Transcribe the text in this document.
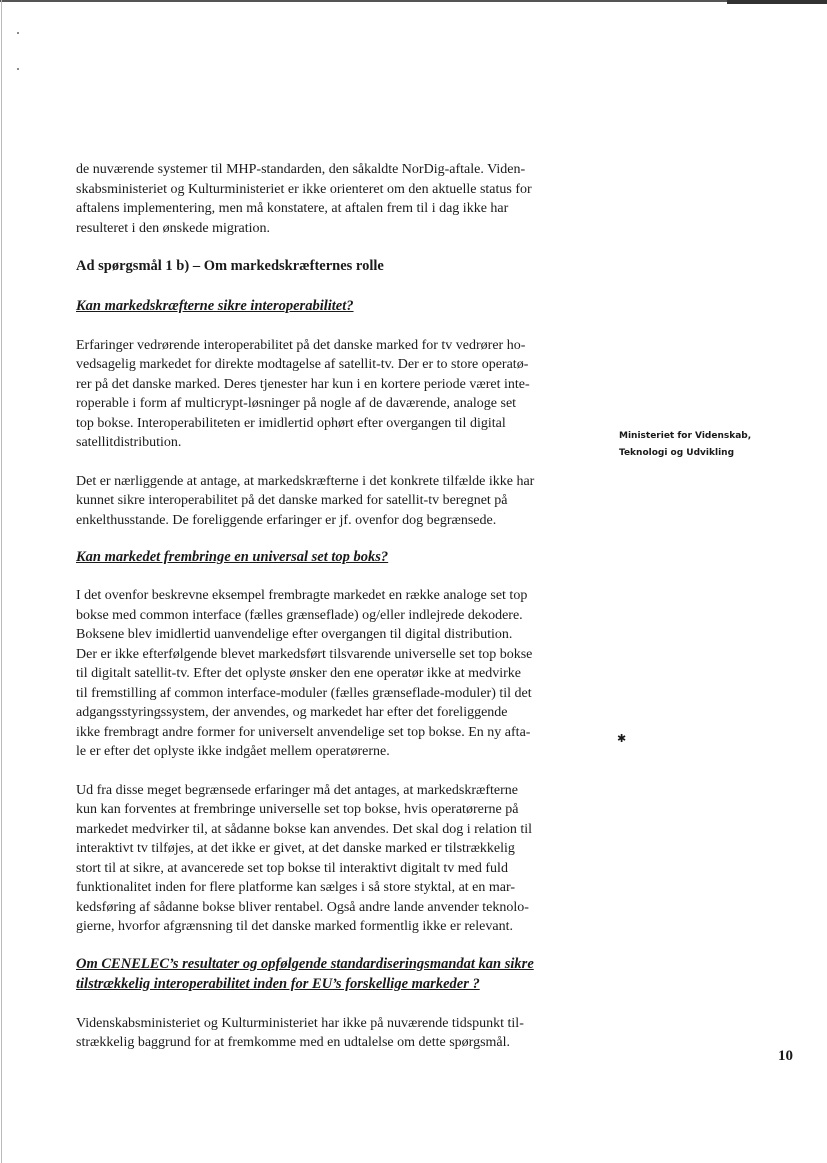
de nuværende systemer til MHP-standarden, den såkaldte NorDig-aftale. Viden-
skabsministeriet og Kulturministeriet er ikke orienteret om den aktuelle status for
aftalens implementering, men må konstatere, at aftalen frem til i dag ikke har
resulteret i den ønskede migration.

Ad spørgsmål 1 b) – Om markedskræfternes rolle

Kan markedskræfterne sikre interoperabilitet?

Erfaringer vedrørende interoperabilitet på det danske marked for tv vedrører ho-
vedsagelig markedet for direkte modtagelse af satellit-tv. Der er to store operatø-
rer på det danske marked. Deres tjenester har kun i en kortere periode været inte-
roperable i form af multicrypt-løsninger på nogle af de daværende, analoge set
top bokse. Interoperabiliteten er imidlertid ophørt efter overgangen til digital
satellitdistribution.

Det er nærliggende at antage, at markedskræfterne i det konkrete tilfælde ikke har
kunnet sikre interoperabilitet på det danske marked for satellit-tv beregnet på
enkelthusstande. De foreliggende erfaringer er jf. ovenfor dog begrænsede.

Kan markedet frembringe en universal set top boks?

I det ovenfor beskrevne eksempel frembragte markedet en række analoge set top
bokse med common interface (fælles grænseflade) og/eller indlejrede dekodere.
Boksene blev imidlertid uanvendelige efter overgangen til digital distribution.
Der er ikke efterfølgende blevet markedsført tilsvarende universelle set top bokse
til digitalt satellit-tv. Efter det oplyste ønsker den ene operatør ikke at medvirke
til fremstilling af common interface-moduler (fælles grænseflade-moduler) til det
adgangsstyringssystem, der anvendes, og markedet har efter det foreliggende
ikke frembragt andre former for universelt anvendelige set top bokse. En ny afta-
le er efter det oplyste ikke indgået mellem operatørerne.

Ud fra disse meget begrænsede erfaringer må det antages, at markedskræfterne
kun kan forventes at frembringe universelle set top bokse, hvis operatørerne på
markedet medvirker til, at sådanne bokse kan anvendes. Det skal dog i relation til
interaktivt tv tilføjes, at det ikke er givet, at det danske marked er tilstrækkelig
stort til at sikre, at avancerede set top bokse til interaktivt digitalt tv med fuld
funktionalitet inden for flere platforme kan sælges i så store styktal, at en mar-
kedsføring af sådanne bokse bliver rentabel. Også andre lande anvender teknolo-
gierne, hvorfor afgrænsning til det danske marked formentlig ikke er relevant.

Om CENELEC’s resultater og opfølgende standardiseringsmandat kan sikre
tilstrækkelig interoperabilitet inden for EU’s forskellige markeder ?

Videnskabsministeriet og Kulturministeriet har ikke på nuværende tidspunkt til-
strækkelig baggrund for at fremkomme med en udtalelse om dette spørgsmål.

Ministeriet for Videnskab,
Teknologi og Udvikling
✱
10
